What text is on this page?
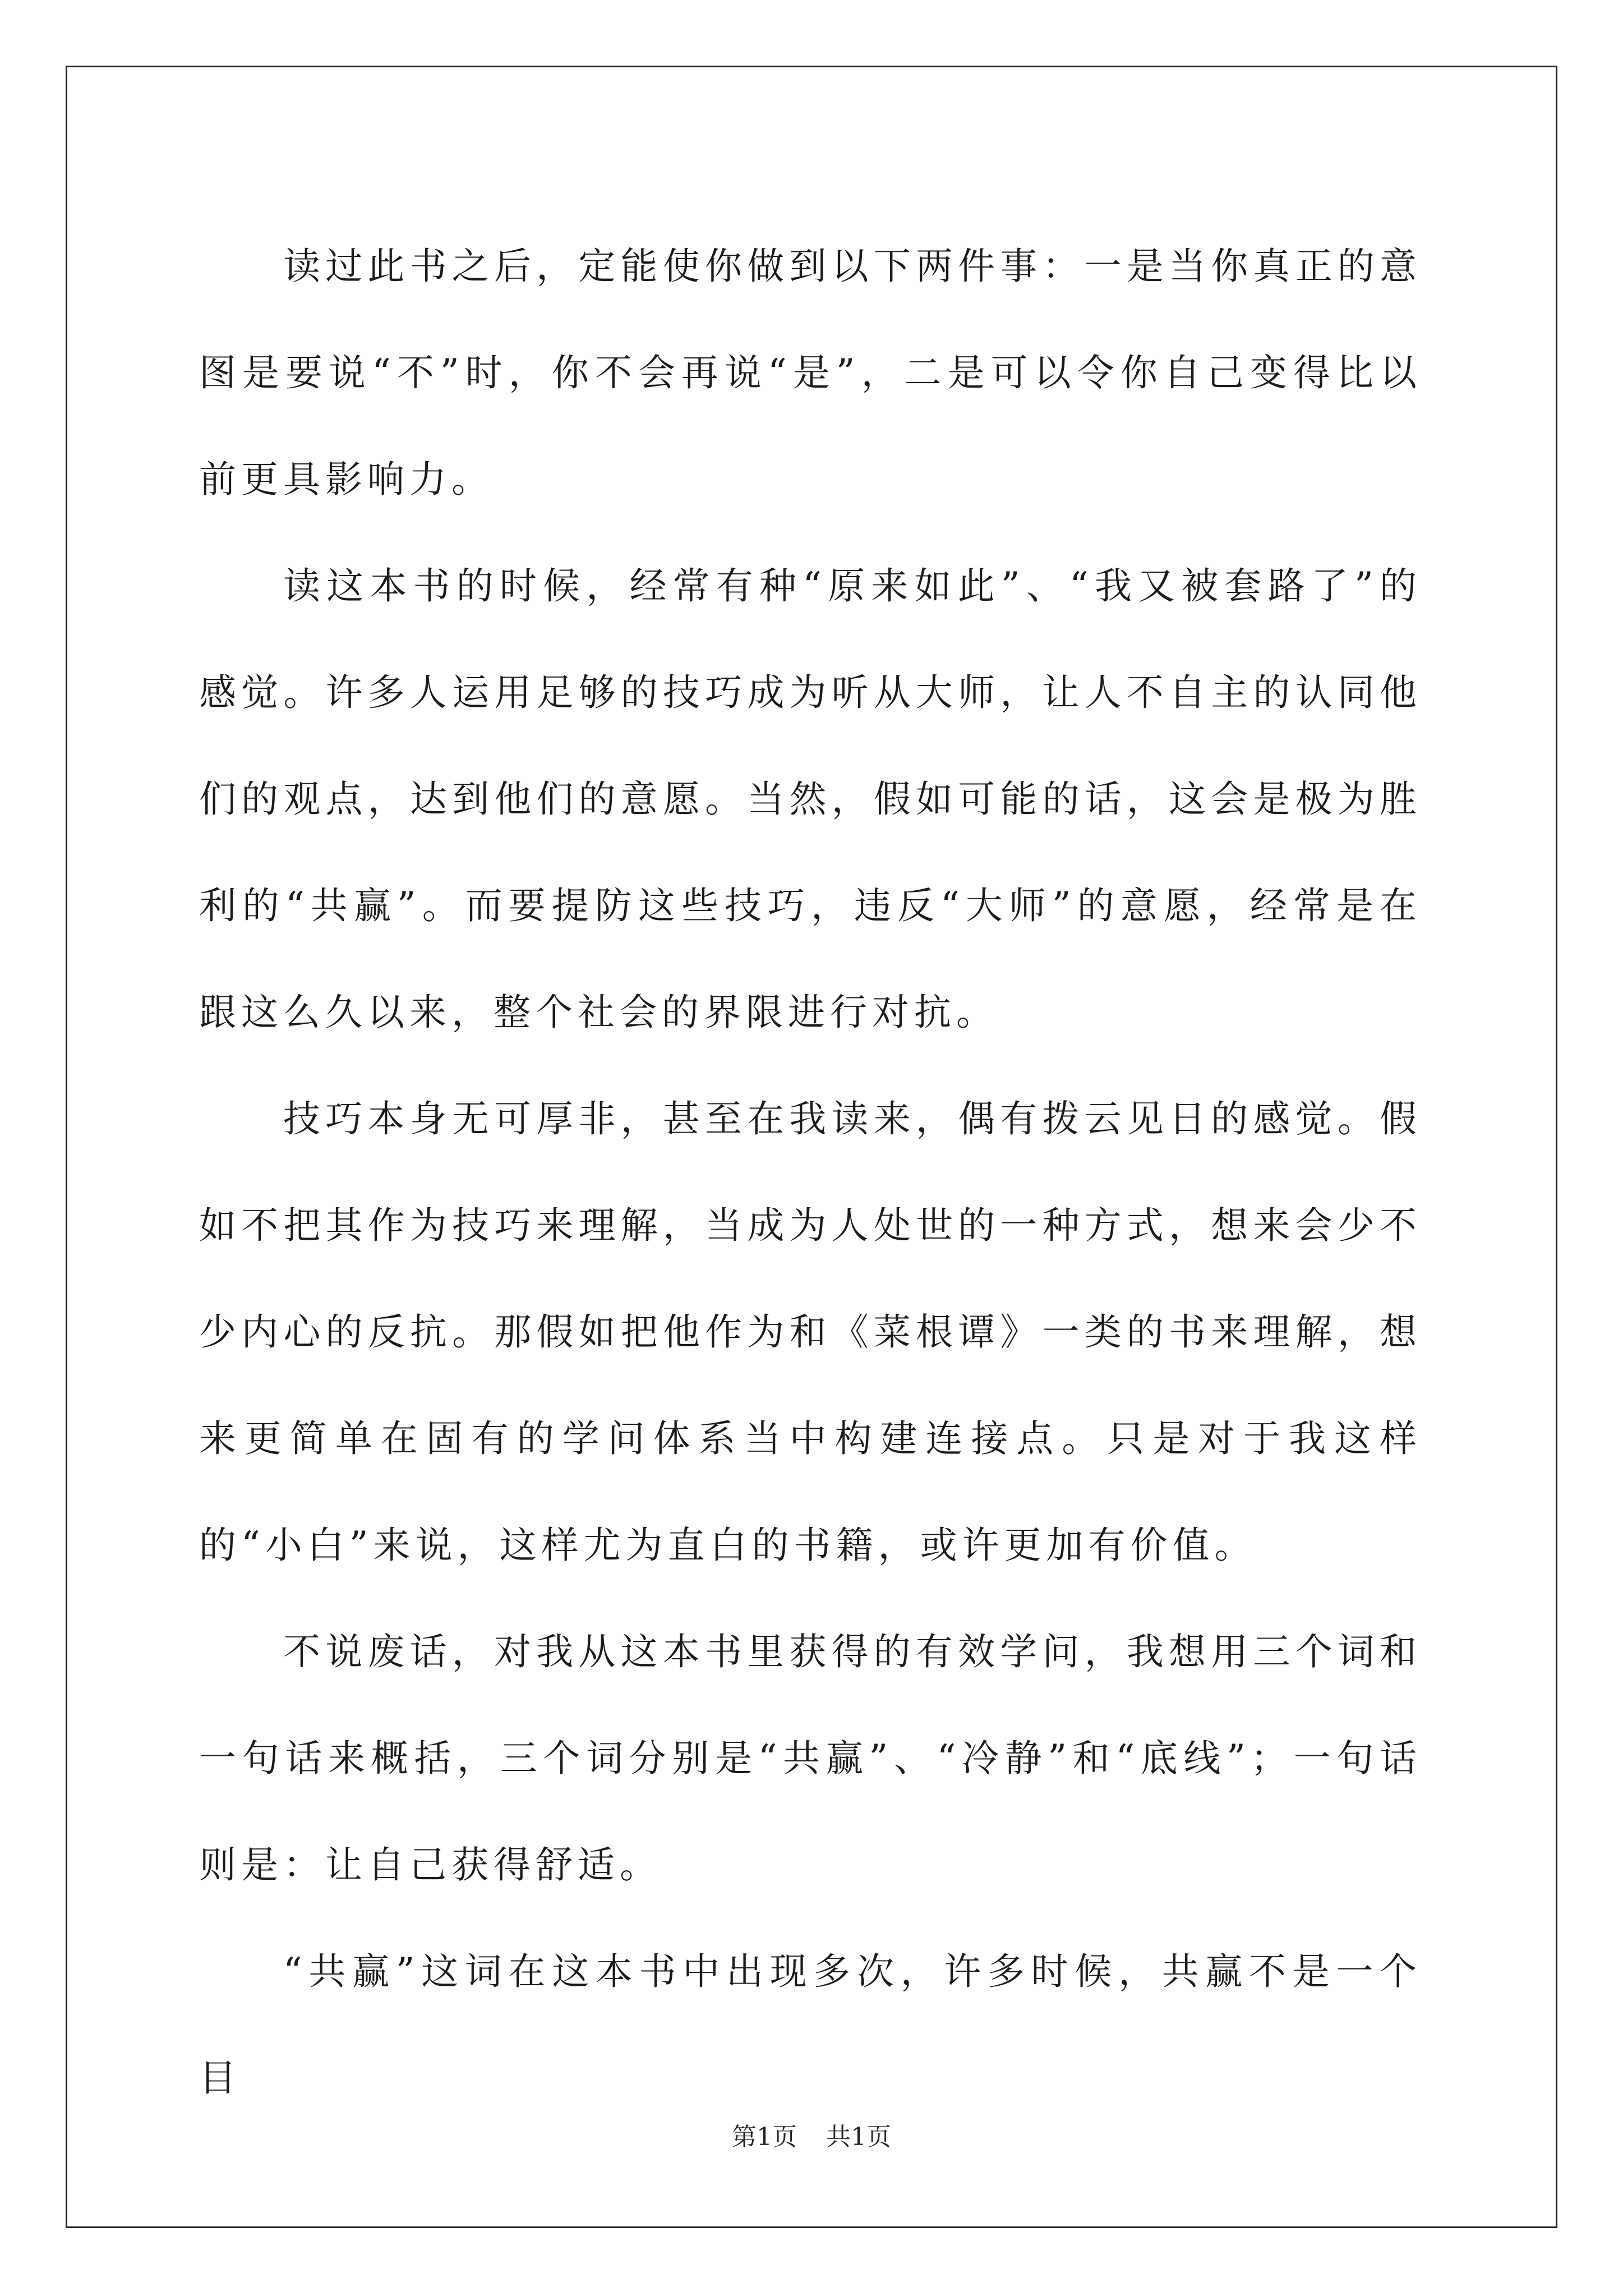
读过此书之后，定能使你做到以下两件事：一是当你真正的意图是要说“不”时，你不会再说“是”，二是可以令你自己变得比以前更具影响力。

读这本书的时候，经常有种“原来如此”、“我又被套路了”的感觉。许多人运用足够的技巧成为听从大师，让人不自主的认同他们的观点，达到他们的意愿。当然，假如可能的话，这会是极为胜利的“共赢”。而要提防这些技巧，违反“大师”的意愿，经常是在跟这么久以来，整个社会的界限进行对抗。

技巧本身无可厚非，甚至在我读来，偶有拨云见日的感觉。假如不把其作为技巧来理解，当成为人处世的一种方式，想来会少不少内心的反抗。那假如把他作为和《菜根谭》一类的书来理解，想来更简单在固有的学问体系当中构建连接点。只是对于我这样的“小白”来说，这样尤为直白的书籍，或许更加有价值。

不说废话，对我从这本书里获得的有效学问，我想用三个词和一句话来概括，三个词分别是“共赢”、“冷静”和“底线”；一句话则是：让自己获得舒适。

“共赢”这词在这本书中出现多次，许多时候，共赢不是一个目

第1页 共1页
